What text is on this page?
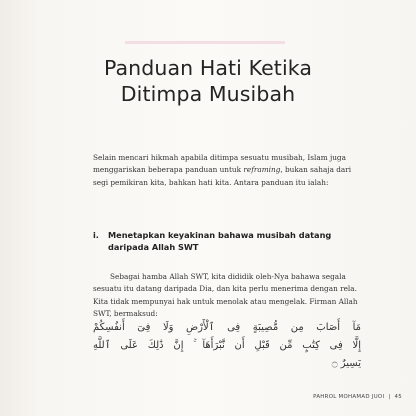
Panduan Hati Ketika
Ditimpa Musibah

Selain mencari hikmah apabila ditimpa sesuatu musibah, Islam juga menggariskan beberapa panduan untuk reframing, bukan sahaja dari segi pemikiran kita, bahkan hati kita. Antara panduan itu ialah:

i.	Menetapkan keyakinan bahawa musibah datang daripada Allah SWT

Sebagai hamba Allah SWT, kita dididik oleh-Nya bahawa segala sesuatu itu datang daripada Dia, dan kita perlu menerima dengan rela. Kita tidak mempunyai hak untuk menolak atau mengelak. Firman Allah SWT, bermaksud:

مَآ أَصَابَ مِن مُّصِيبَةٍ فِى ٱلْأَرْضِ وَلَا فِىٓ أَنفُسِكُمْ
إِلَّا فِى كِتَٰبٍ مِّن قَبْلِ أَن نَّبْرَأَهَآ ۚ إِنَّ ذَٰلِكَ عَلَى ٱللَّهِ
يَسِيرٌ ۝
PAHROL MOHAMAD JUOI | 45
